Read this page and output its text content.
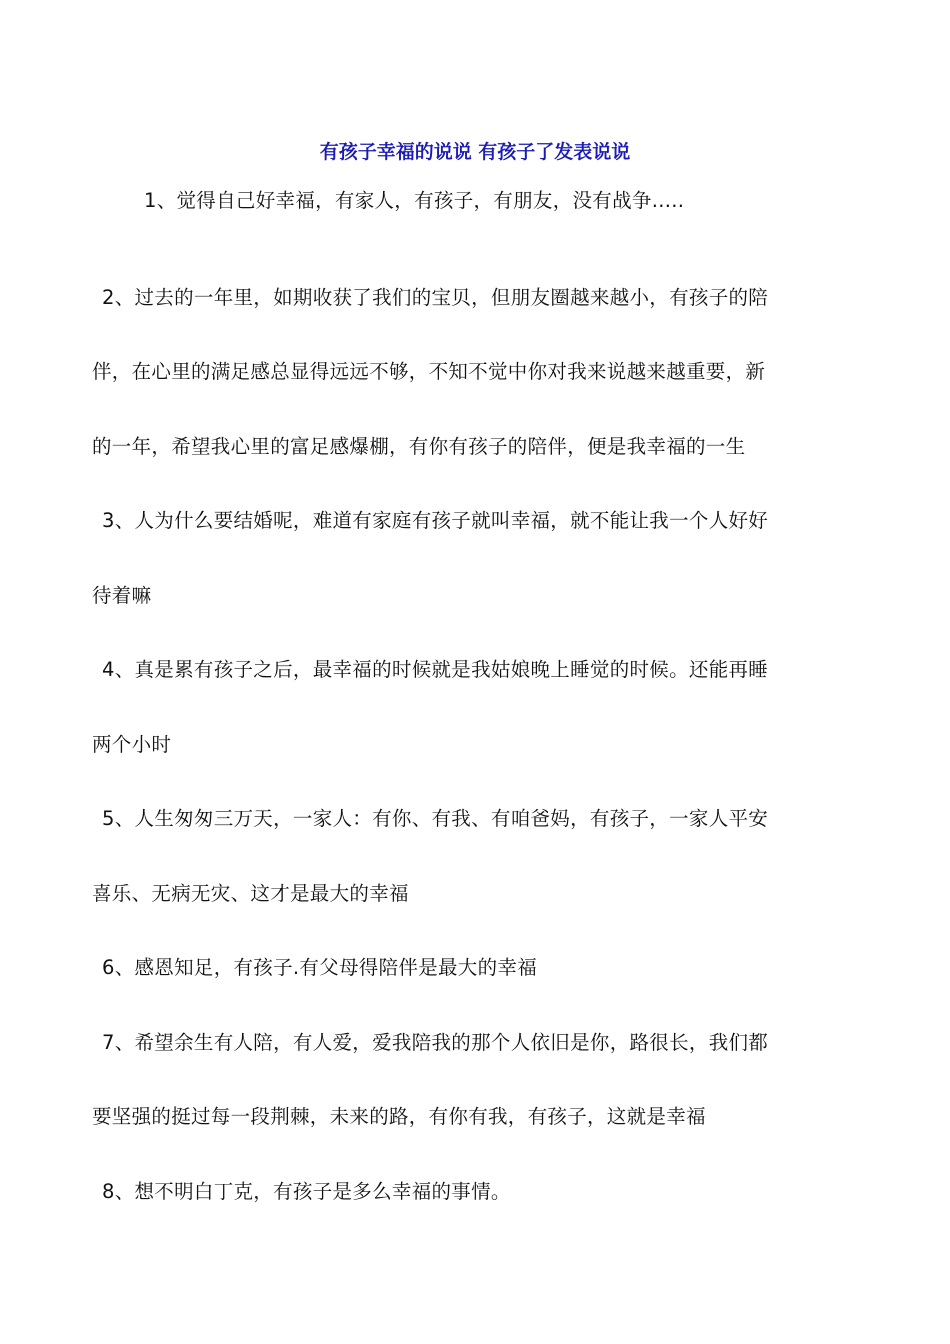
有孩子幸福的说说 有孩子了发表说说
1、觉得自己好幸福，有家人，有孩子，有朋友，没有战争.....
2、过去的一年里，如期收获了我们的宝贝，但朋友圈越来越小，有孩子的陪
伴，在心里的满足感总显得远远不够，不知不觉中你对我来说越来越重要，新
的一年，希望我心里的富足感爆棚，有你有孩子的陪伴，便是我幸福的一生
3、人为什么要结婚呢，难道有家庭有孩子就叫幸福，就不能让我一个人好好
待着嘛
4、真是累有孩子之后，最幸福的时候就是我姑娘晚上睡觉的时候。还能再睡
两个小时
5、人生匆匆三万天，一家人：有你、有我、有咱爸妈，有孩子，一家人平安
喜乐、无病无灾、这才是最大的幸福
6、感恩知足，有孩子.有父母得陪伴是最大的幸福
7、希望余生有人陪，有人爱，爱我陪我的那个人依旧是你，路很长，我们都
要坚强的挺过每一段荆棘，未来的路，有你有我，有孩子，这就是幸福
8、想不明白丁克，有孩子是多么幸福的事情。
